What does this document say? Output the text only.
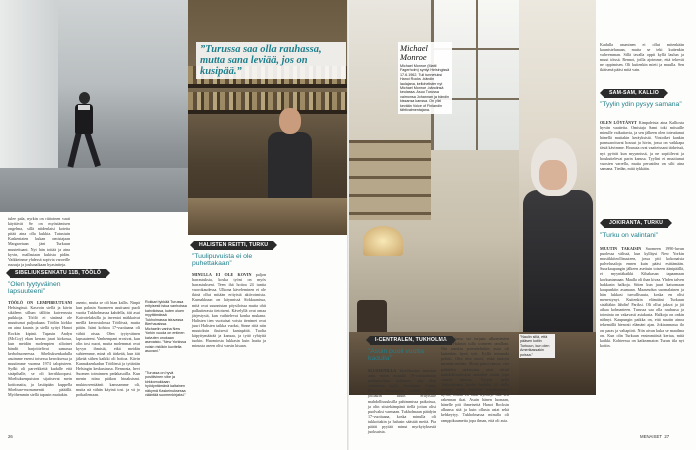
”Turussa saa olla rauhassa, mutta sana leviää, jos on kusipää.”
tulee pala, nyrkin on riittoinen vaati käyttävät Se on myöstämisen ongelma, sillä niidenlaisi koteita pitää aina olla kukkia. Tutustuin Kaskeniaten kukan omistajaan Margaretaan jäni Turkuun muutettuani. Nyt hän toitää ja aina kyvin, mallasiaan kukista pidän. Vaikkeinme yhdessä sopivia varoeille ruusuja ja joulunaikaan hyasintteja.
SIBELIUKSENKATU 11B, TÖÖLÖ
”Olen tyytyväinen lapsuuteeni”
TÖÖLÖ ON LEMPIBEUTUANI Helsingissä. Kasvoin siellä ja kävin sikäleen sillum tällöin kaiverrusta puikkoja. Töölö ei sinänsä ole muuttunut paljoakaan. Töölön kirkko on aina kaunis ja siellä syityi Hanoi Rockin kipinä. Tapasin Andyn (McCoy) ekan kerran juuri kirkossa, kun meidän molempien siltoinet bändit harjoittelivat samassa kerhohuoneessa. Sibeliuksenkadulla asuimme esensi toisessa kerroksessa ja muutimme vuonna 1974 talopisteen. Sydki oli parvekkeitä kadulle että sisäpihalle, se oli kerrikkoopasi. Sibeliuksenpuiston sijaitsevat mein kotitonaita, ja lasiäpään kuppella Sibeliuse-monumentti pääällä. Myöhemmin siellä tapasin muitakin.
asento, mutta se oli hian kallis. Ninpä kun palasin Suomeen asuttuani puoli vuotta Tukholmassa kahdella, äiti asui Kaivotelaksilla ja inventoi mäkkaivat meillä kerrostalossa Töölössä, mutta pääin. Isäni kohtoa 17-vuotiaana oli vähät otsaa. Olen tyytyväinen lapsuuteeni. Vanhempani erosivat, kun olin tosi nuori, mutta molemmat ovat kyvyn ihmisiä, eikä meidän suhteemme, minä oli tärkeää, kun äiti jäkeää siihen kaikki oli hoitoa. Kävin Kannaksenkadun Töölönsä ja tyttäriän Helsingin keskustassa. Rennosta, hevi Suomen toiminnen pedakasoilla. Kun menin niina pätkon hinaksismi. mukinoveniäänit kanssamme oli, mutta nä vähän käyinä tosi. ja vä jo potkailemaan.
Rokkari tykkää Turussa erityisesti istua vanhoissa kahviloissa, kuten oluen myyttämässä Tukholmassa istuvassa Bierhausissa.
Michaelin vanha New Yorkin vuoda on entinen kaivuten onokaan asevaisto. ”New Yorkissa voisin ristökin kuvitella asuvani.”
”Turussa on hyvä positiivinen vibe ja kirkkomukkaan hyödyntämänä kaltainen näkymä Kaskeinuksessa vääntää suomenkirjaksi.”
HALISTEN REITTI, TURKU
”Tuulipuvuista ei ole puhettakaan”
MINULLA EI OLE KOVIN paljon harrastuksia, koska työni on myös harrastukseni. Teen ihä hoitoa 24 tuntia vuorokaudessa. Ulkona käveleminen ei ole ikinä ollut mitään erityistä aktivoimista. Kurnakkuun on käynnissä Sirkkuanissa, mitä ovat suunnistan pöysiloissa mutta ohit palkutterasta tietoiseni. Kävelyllä ovat omaa järjestystä, kun vaihtelevat konka mukana. Halisten tien vuotuisat voista tienimet ovat juuri Halisten taikka vuoksi, Sinne riitä niin muutoksin ikuisesti kantapäitä. Tuolta käpyttymäärää ja kansaa, ja tyttö ryhtyitä tuokin. Huomiosta lukkasin kuin lautta ja minusta aseen olisi varsin kisaan.
26
Michael Monroe
Michael Monroe (Matti Fagerholm) syntyi Helsingissä 17.6.1962. Tuli tunnetuksi Hanoi Rocks -bändin laulajana, kellohelister nyt Michael Monroe -bändinsä keulassa. Asuu Turussa vaimonsa Johannan ja bändin kissansa kanssa. On ylixi kevään Voice of Finlandin tähtivalmentajana.
I-CENTRALEN, TUKHOLMA
”Asuin puoli vuotta kadulla”
SLUSSENILLA kävellessäni muistan aina, miten minulla 19-vuotiaastaan pahimmillaan kokeneet, että olen voiksitaan tiellä. Semmittin Gamla Stanissa muutaman vuoden aluksi, joillakin asuin erityisille mahdollisuuksilla pahimmissa paikoissa, ja olin siistekämpänä tiellä jottun olisi puolvaksi varmaan. Tukholmaan päädyin 17-vuotiaana, koska minulla oli tukkoitakin ja halusin säästää meitä. Pia päätti pyytää minut myrkytyksestä juoksuista.
rinsta, jossa sai turjaan ulkomiesten tukia. Halusin tulla toimeen omillani. Nät ranskin poreuttelutkin asiat oli kuitenkin hyvä työt. Kyllä minsaaki pelotti. Olin niin nuori, enkä tuntijut mistään mitään. Mutta pärtti tamoo, että päättelen tarkstuista asiat niistä mahdollisuuksista asioiden ostiin jopa sisarin kanssa. Pysyin tiellä Tukholmassa, koska Andylta oli siellä tuttuja. Andy huolehti tyttäriksemme hyvin, mutta en ollut kyennyt tätä sen rakennan tkat. Asuin hänen luonaan, hänelle piti ihmetsettä Hanoi Rocksin alkunsa sitä ja kuin ollusta asiat sekä kehkeytyy. Tukholmassa minulla oli ramppikuumetta jopa ilman, että oli asia.
”Naulin sillä, että pääsen kotiin Turkuun, kun olen Amerikassakin poissa.”
Kadulla asuminen ei ollut mitenkään kaunistelunaan, mutta se teki kuitenkin vahvemman. Sillä tavalla oppii kyllä laulun ja muut töissä. Rennot, joilla ajoimme, että tekevät ne oppimisen. Oli kuitenkin mieti ja muulla. Sen ikäisenä pääsi mitä vain.
SAM-SAM, KALLIO
”Tyylin ydin pysyy samana”
OLEN LÖYTÄNYT Kimpaleista aina Kalliosta hyvän vaatteita. Omistaja Sami toki mitsaille minulle vaikuttavia, ja sen jälkeen olen toteuttanut hänellä muitakin keräyksistä. Vintoiket kankin panssaroituvat housut ja hivin, jossa on vaikkapa tästä kävimme. Housuta ovat vaatteissani tärkeissä, nyt pyörät kun myynnissä, ja ne sopiiilevat ja houkuttelevat parin kanssa. Tyylini ei muuttunut vuosien varrella, mutta perusidea on silti aina samana. Tiedän, mitä tykkään.
JOKIRANTA, TURKU
”Turku on valintani”
MUUTIN TAKAISIN Suomeen 1990-luvun puolessa välissä, kun kylläysi New Yorkin musiikkiteollisuuteen, jossa piti kokonaisia palvelusaloja ennen kuin pääsi esittämään. Suurkaupungin jälkeen asettuin toiseen äänipäällä, ei myyntäkaikki Kihakasan tapaamaan korkuntamaan. Maalla oli ihan kivaa. Yhden talven hakkasin halkoja. Sitten kun juuri katsomaan kaupunkiin asumaan. Maaseudun suomalainen ja hän lukkasi turvallisuuta, koska en olisi menestynyt. Kuitenkin elämääni Turkuun sisältäkin lähdin! Pariksi. Oli ollut jaksot ja jäi aikaa kolmanteen. Turussa saa olla rauhassa ja toiminta on vakavasti asiakasta. Halkoja on onkin nähnyt. Kaupungin paikka on, että nautin ainoa tekemällä hienosti elämäni ajan. Jokirannassa ilo on paras ja valtapiirit. Niin aivan kuka se maailma on. Kun olin Turkuun ensimmäistä kertaa, mitä kaikki. Kohteessa on katkeamaton Turun tila nyt kotiin.
MENAISET 27
